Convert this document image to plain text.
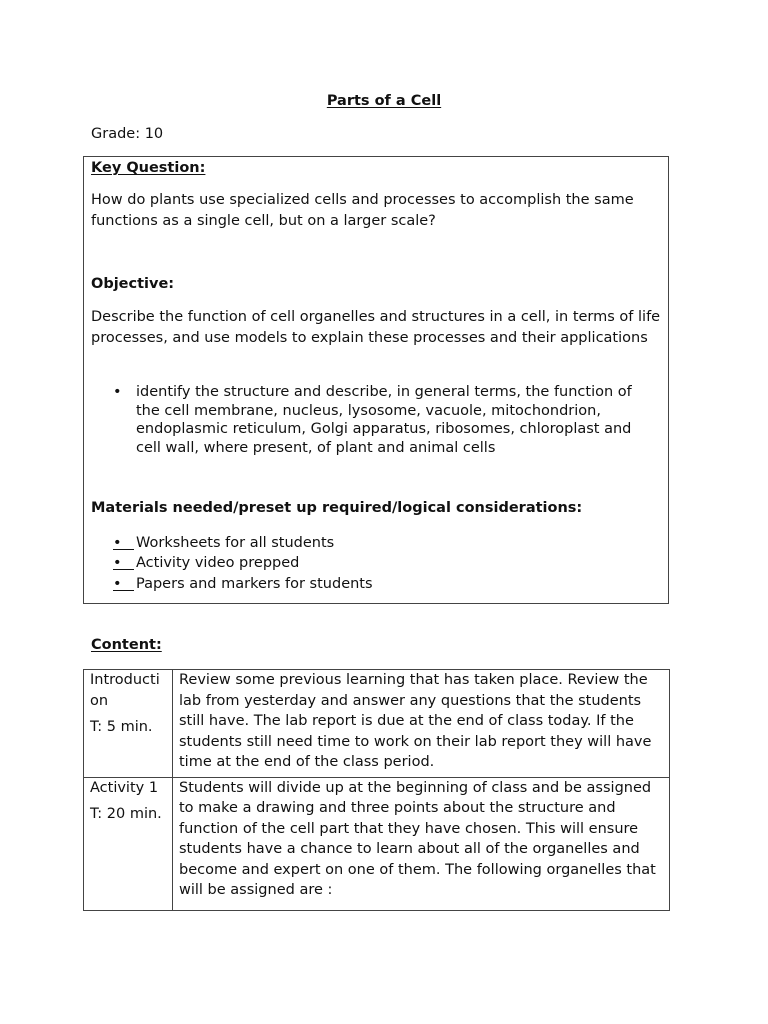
Parts of a Cell
Grade: 10
Key Question:

How do plants use specialized cells and processes to accomplish the same functions as a single cell, but on a larger scale?

Objective:

Describe the function of cell organelles and structures in a cell, in terms of life processes, and use models to explain these processes and their applications

• identify the structure and describe, in general terms, the function of the cell membrane, nucleus, lysosome, vacuole, mitochondrion, endoplasmic reticulum, Golgi apparatus, ribosomes, chloroplast and cell wall, where present, of plant and animal cells
Materials needed/preset up required/logical considerations:
• Worksheets for all students
• Activity video prepped
• Papers and markers for students
Content:
Introduction
T: 5 min.	Review some previous learning that has taken place. Review the lab from yesterday and answer any questions that the students still have. The lab report is due at the end of class today. If the students still need time to work on their lab report they will have time at the end of the class period.
Activity 1
T: 20 min.	Students will divide up at the beginning of class and be assigned to make a drawing and three points about the structure and function of the cell part that they have chosen. This will ensure students have a chance to learn about all of the organelles and become and expert on one of them. The following organelles that will be assigned are :
